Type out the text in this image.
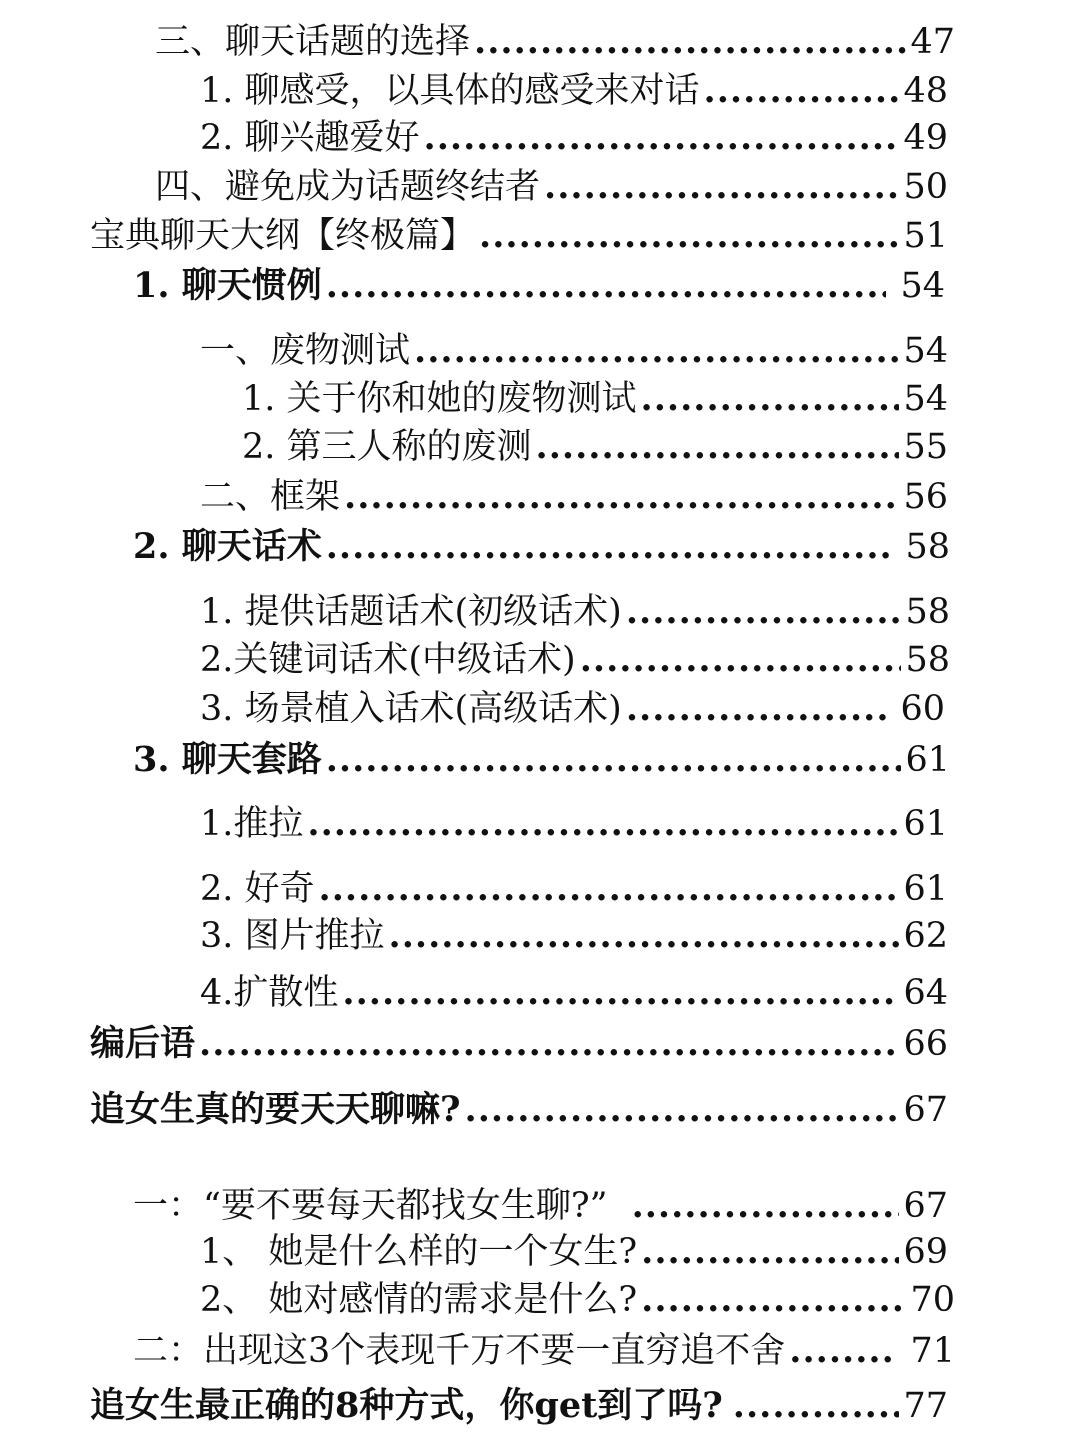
三、聊天话题的选择 .....	47
1. 聊感受，以具体的感受来对话 .....	48
2. 聊兴趣爱好 .....	49
四、避免成为话题终结者 .....	50
宝典聊天大纲【终极篇】 .....	51
1. 聊天惯例 .....	54
一、废物测试 .....	54
1. 关于你和她的废物测试 .....	54
2. 第三人称的废测 .....	55
二、框架 .....	56
2. 聊天话术 .....	58
1. 提供话题话术(初级话术) .....	58
2.关键词话术(中级话术) .....	58
3. 场景植入话术(高级话术) .....	60
3. 聊天套路 .....	61
1.推拉 .....	61
2. 好奇 .....	61
3. 图片推拉 .....	62
4.扩散性 .....	64
编后语 .....	66
追女生真的要天天聊嘛? .....	67
一：“要不要每天都找女生聊?” .....	67
1、 她是什么样的一个女生? .....	69
2、 她对感情的需求是什么? .....	70
二：出现这3个表现千万不要一直穷追不舍 .....	71
追女生最正确的8种方式，你get到了吗? .....	77
